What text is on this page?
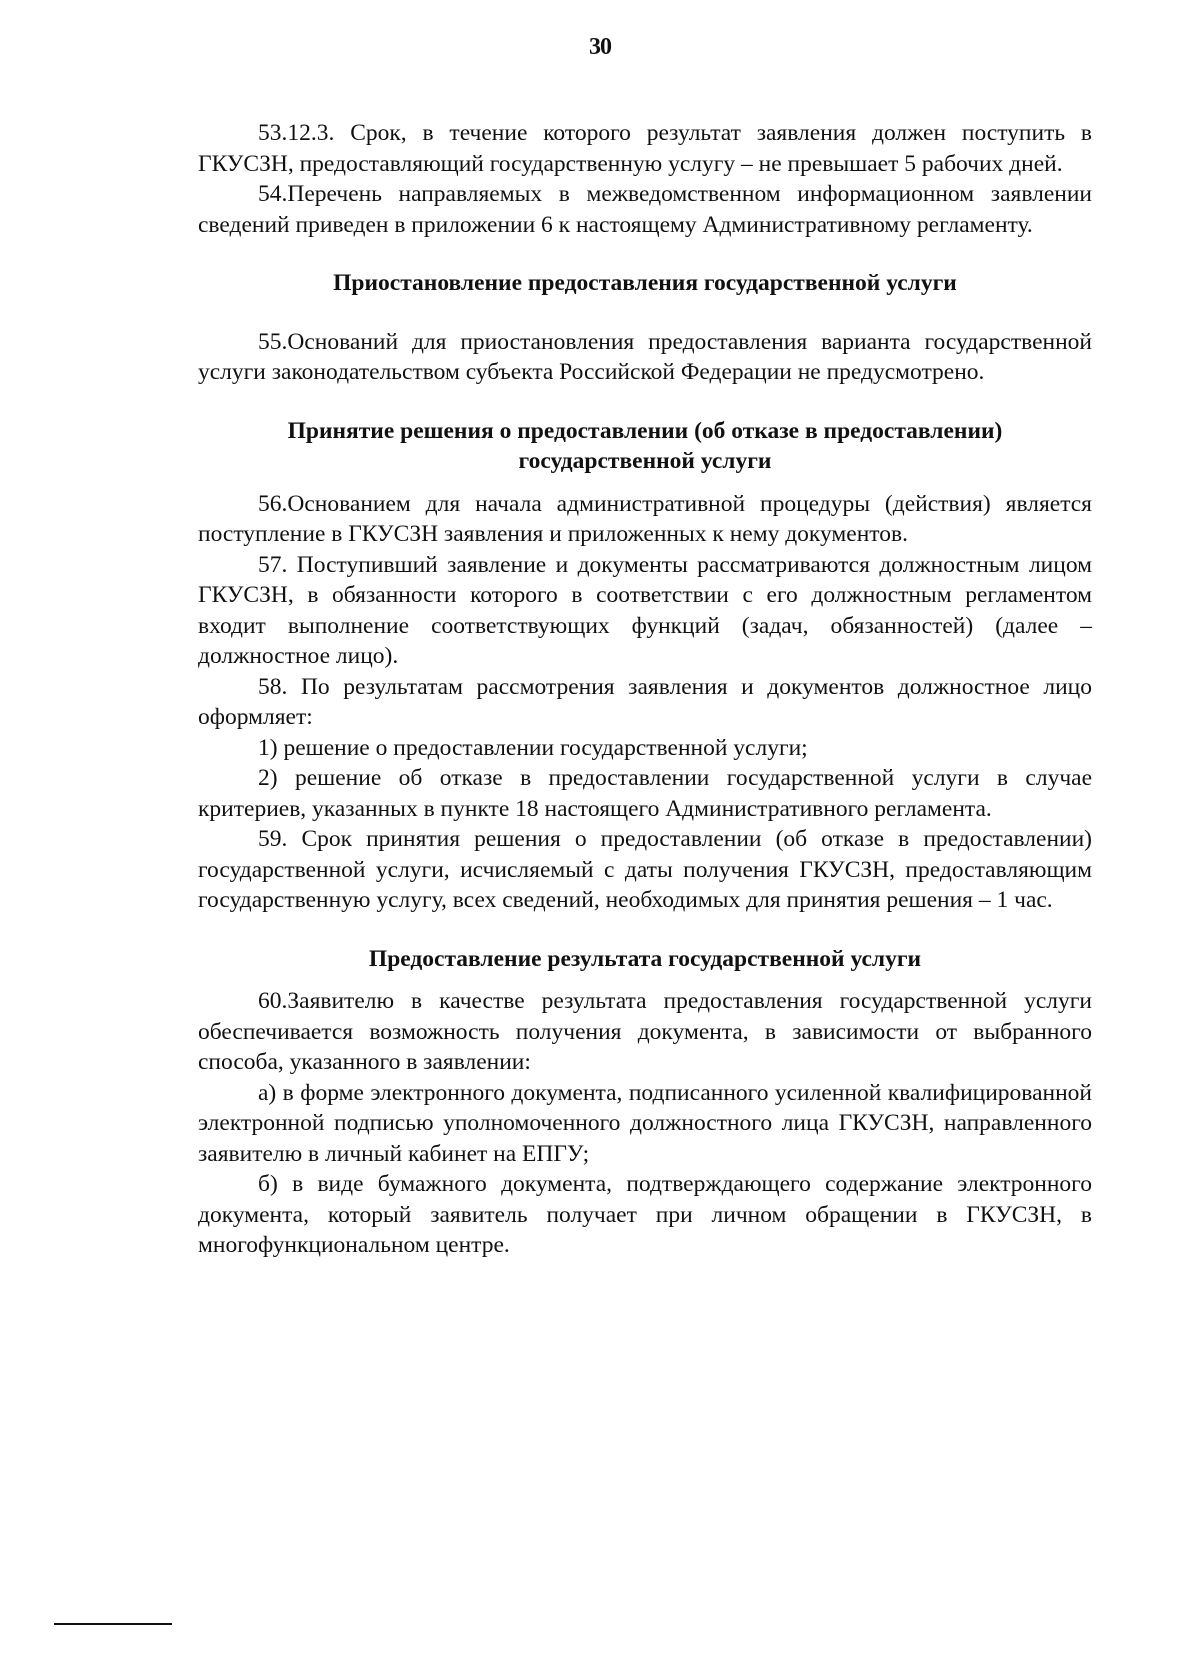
30

53.12.3. Срок, в течение которого результат заявления должен поступить в ГКУСЗН, предоставляющий государственную услугу – не превышает 5 рабочих дней.

54.Перечень направляемых в межведомственном информационном заявлении сведений приведен в приложении 6 к настоящему Административному регламенту.

Приостановление предоставления государственной услуги

55.Оснований для приостановления предоставления варианта государственной услуги законодательством субъекта Российской Федерации не предусмотрено.

Принятие решения о предоставлении (об отказе в предоставлении)

государственной услуги

56.Основанием для начала административной процедуры (действия) является поступление в ГКУСЗН заявления и приложенных к нему документов.

57. Поступивший заявление и документы рассматриваются должностным лицом ГКУСЗН, в обязанности которого в соответствии с его должностным регламентом входит выполнение соответствующих функций (задач, обязанностей) (далее – должностное лицо).

58. По результатам рассмотрения заявления и документов должностное лицо оформляет:

1) решение о предоставлении государственной услуги;

2) решение об отказе в предоставлении государственной услуги в случае критериев, указанных в пункте 18 настоящего Административного регламента.

59. Срок принятия решения о предоставлении (об отказе в предоставлении) государственной услуги, исчисляемый с даты получения ГКУСЗН, предоставляющим государственную услугу, всех сведений, необходимых для принятия решения – 1 час.

Предоставление результата государственной услуги

60.Заявителю в качестве результата предоставления государственной услуги обеспечивается возможность получения документа, в зависимости от выбранного способа, указанного в заявлении:

а) в форме электронного документа, подписанного усиленной квалифицированной электронной подписью уполномоченного должностного лица ГКУСЗН, направленного заявителю в личный кабинет на ЕПГУ;

б) в виде бумажного документа, подтверждающего содержание электронного документа, который заявитель получает при личном обращении в ГКУСЗН, в многофункциональном центре.
